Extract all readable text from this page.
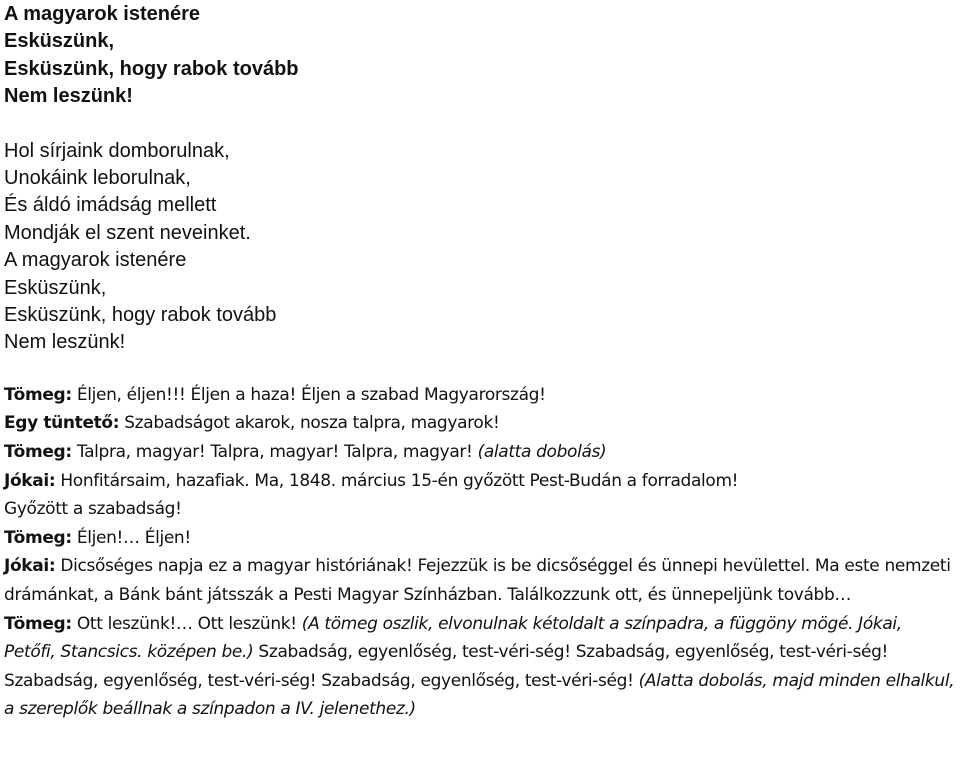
A magyarok istenére
Esküszünk,
Esküszünk, hogy rabok tovább
Nem leszünk!
Hol sírjaink domborulnak,
Unokáink leborulnak,
És áldó imádság mellett
Mondják el szent neveinket.
A magyarok istenére
Esküszünk,
Esküszünk, hogy rabok tovább
Nem leszünk!
Tömeg: Éljen, éljen!!! Éljen a haza! Éljen a szabad Magyarország!
Egy tüntető: Szabadságot akarok, nosza talpra, magyarok!
Tömeg: Talpra, magyar! Talpra, magyar! Talpra, magyar! (alatta dobolás)
Jókai: Honfitársaim, hazafiak. Ma, 1848. március 15-én győzött Pest-Budán a forradalom!
Győzött a szabadság!
Tömeg: Éljen!… Éljen!
Jókai: Dicsőséges napja ez a magyar históriának! Fejezzük is be dicsőséggel és ünnepi hevülettel. Ma este nemzeti drámánkat, a Bánk bánt játsszák a Pesti Magyar Színházban. Találkozzunk ott, és ünnepeljünk tovább…
Tömeg: Ott leszünk!… Ott leszünk! (A tömeg oszlik, elvonulnak kétoldalt a színpadra, a függöny mögé. Jókai, Petőfi, Stancsics. középen be.) Szabadság, egyenlőség, test-véri-ség! Szabadság, egyenlőség, test-véri-ség! Szabadság, egyenlőség, test-véri-ség! Szabadság, egyenlőség, test-véri-ség! (Alatta dobolás, majd minden elhalkul, a szereplők beállnak a színpadon a IV. jelenethez.)
